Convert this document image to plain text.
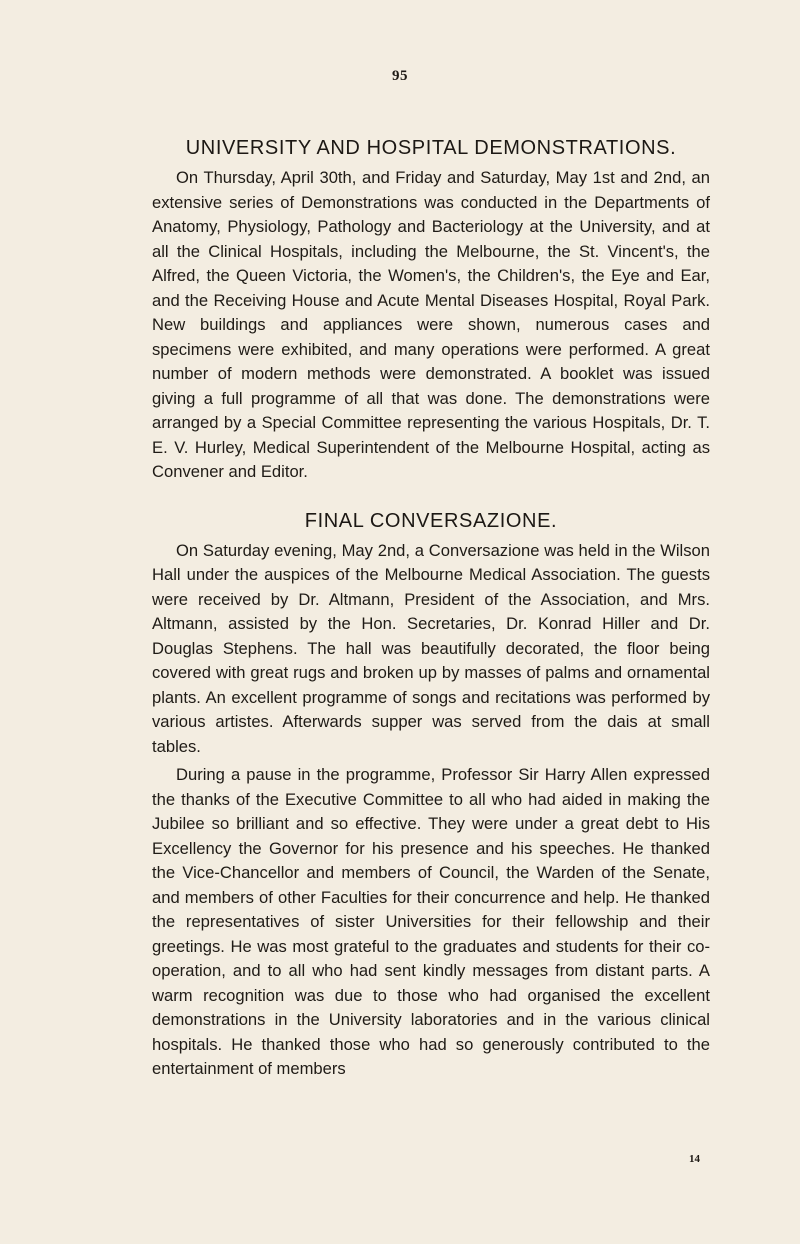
95
UNIVERSITY AND HOSPITAL DEMONSTRATIONS.

On Thursday, April 30th, and Friday and Saturday, May 1st and 2nd, an extensive series of Demonstrations was conducted in the Departments of Anatomy, Physiology, Pathology and Bacteriology at the University, and at all the Clinical Hospitals, including the Melbourne, the St. Vincent's, the Alfred, the Queen Victoria, the Women's, the Children's, the Eye and Ear, and the Receiving House and Acute Mental Diseases Hospital, Royal Park. New buildings and appliances were shown, numerous cases and specimens were exhibited, and many operations were performed. A great number of modern methods were demonstrated. A booklet was issued giving a full programme of all that was done. The demonstrations were arranged by a Special Committee representing the various Hospitals, Dr. T. E. V. Hurley, Medical Superintendent of the Melbourne Hospital, acting as Convener and Editor.

FINAL CONVERSAZIONE.

On Saturday evening, May 2nd, a Conversazione was held in the Wilson Hall under the auspices of the Melbourne Medical Association. The guests were received by Dr. Altmann, President of the Association, and Mrs. Altmann, assisted by the Hon. Secretaries, Dr. Konrad Hiller and Dr. Douglas Stephens. The hall was beautifully decorated, the floor being covered with great rugs and broken up by masses of palms and ornamental plants. An excellent programme of songs and recitations was performed by various artistes. Afterwards supper was served from the dais at small tables.

During a pause in the programme, Professor Sir Harry Allen expressed the thanks of the Executive Committee to all who had aided in making the Jubilee so brilliant and so effective. They were under a great debt to His Excellency the Governor for his presence and his speeches. He thanked the Vice-Chancellor and members of Council, the Warden of the Senate, and members of other Faculties for their concurrence and help. He thanked the representatives of sister Universities for their fellowship and their greetings. He was most grateful to the graduates and students for their co-operation, and to all who had sent kindly messages from distant parts. A warm recognition was due to those who had organised the excellent demonstrations in the University laboratories and in the various clinical hospitals. He thanked those who had so generously contributed to the entertainment of members

14
